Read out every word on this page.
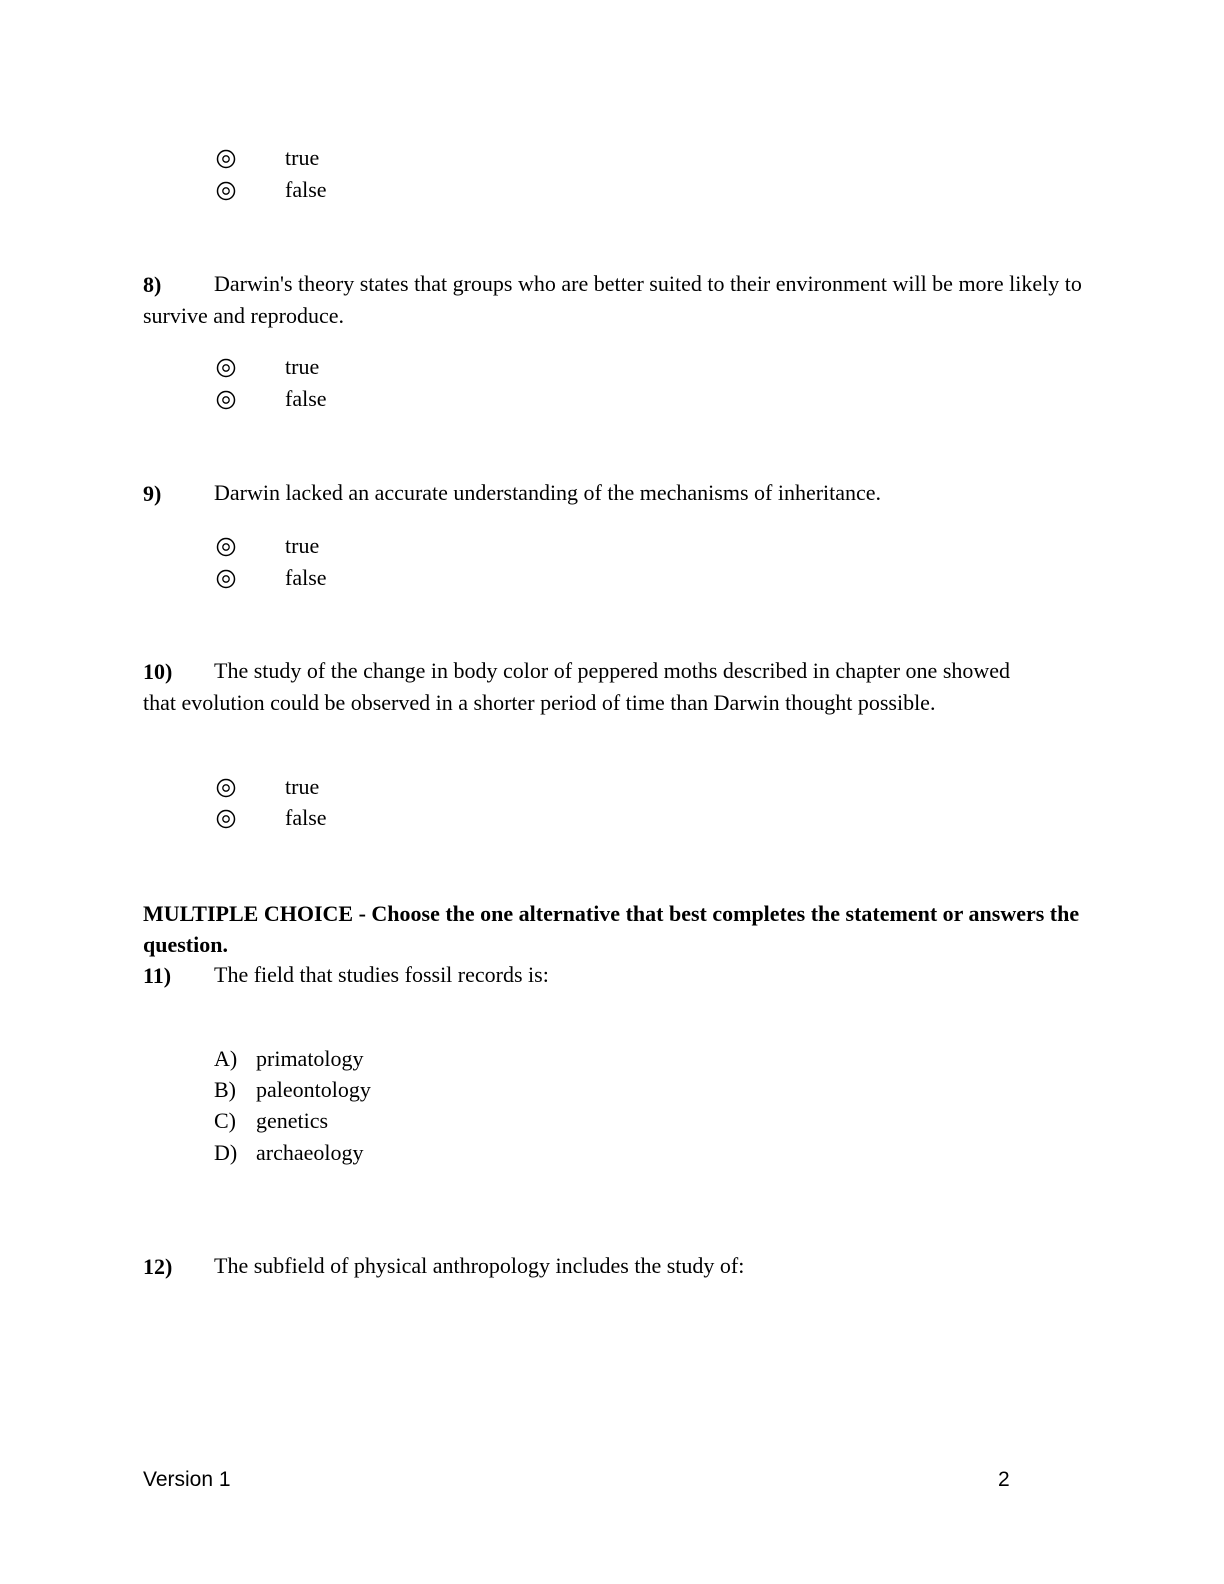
true
false
8)	Darwin's theory states that groups who are better suited to their environment will be more likely to survive and reproduce.
true
false
9) Darwin lacked an accurate understanding of the mechanisms of inheritance.
true
false
10)	The study of the change in body color of peppered moths described in chapter one showed that evolution could be observed in a shorter period of time than Darwin thought possible.
true
false
MULTIPLE CHOICE - Choose the one alternative that best completes the statement or answers the question.
11) The field that studies fossil records is:
A) primatology
B) paleontology
C) genetics
D) archaeology
12) The subfield of physical anthropology includes the study of:
Version 1	2
